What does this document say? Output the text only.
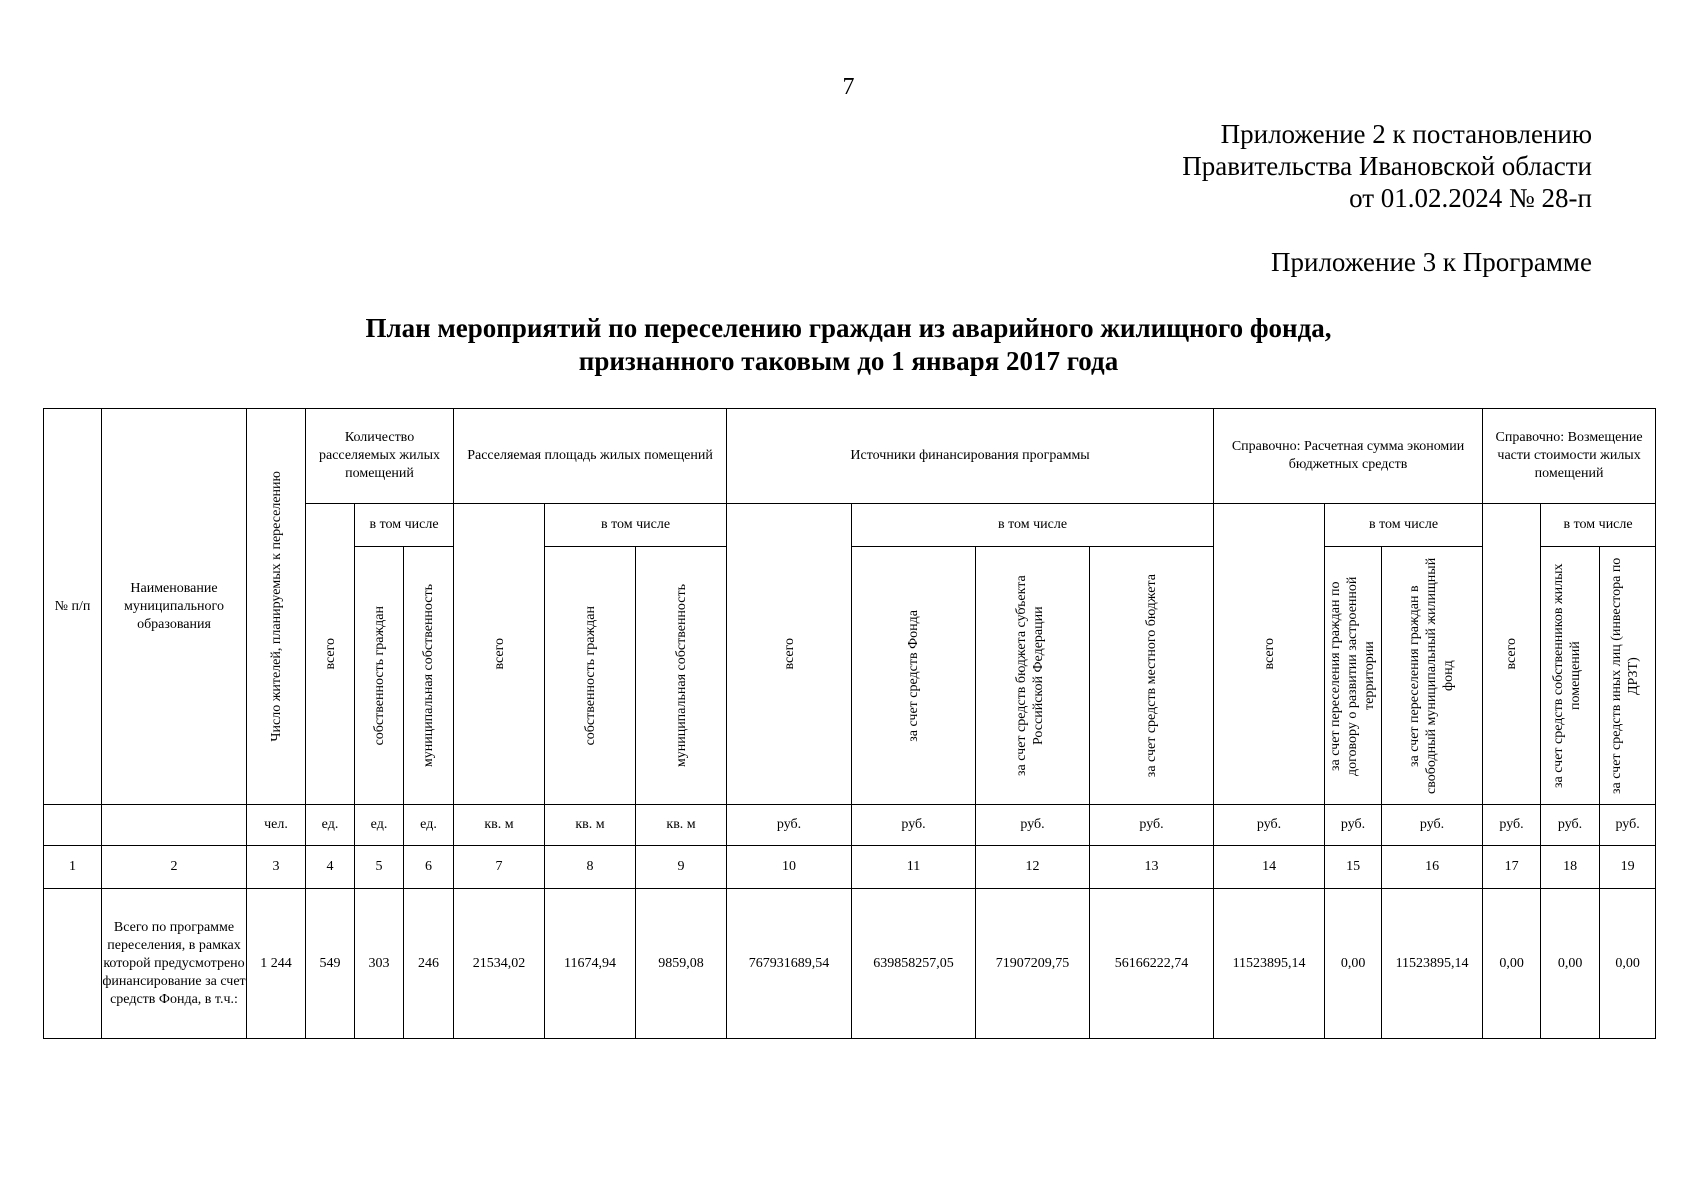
7
Приложение 2 к постановлению
Правительства Ивановской области
от 01.02.2024 № 28-п
Приложение 3 к Программе
План мероприятий по переселению граждан из аварийного жилищного фонда,
признанного таковым до 1 января 2017 года
№ п/п	Наименование муниципального образования	Число жителей, планируемых к переселению	Количество расселяемых жилых помещений			Расселяемая площадь жилых помещений			Источники финансирования программы				Справочно: Расчетная сумма экономии бюджетных средств			Справочно: Возмещение части стоимости жилых помещений		

			всего	в том числе		всего	в том числе		всего	в том числе			всего	в том числе		всего	в том числе	

				собственность граждан	муниципальная собственность		собственность граждан	муниципальная собственность		за счет средств Фонда	за счет средств бюджета субъекта Российской Федерации	за счет средств местного бюджета		за счет переселения граждан по договору о развитии застроенной территории	за счет переселения граждан в свободный муниципальный жилищный фонд		за счет средств собственников жилых помещений	за счет средств иных лиц (инвестора по ДРЗТ)

		чел.	ед.	ед.	ед.	кв. м	кв. м	кв. м	руб.	руб.	руб.	руб.	руб.	руб.	руб.	руб.	руб.	руб.
1	2	3	4	5	6	7	8	9	10	11	12	13	14	15	16	17	18	19
	Всего по программе переселения, в рамках которой предусмотрено финансирование за счет средств Фонда, в т.ч.:	1 244	549	303	246	21534,02	11674,94	9859,08	767931689,54	639858257,05	71907209,75	56166222,74	11523895,14	0,00	11523895,14	0,00	0,00	0,00
